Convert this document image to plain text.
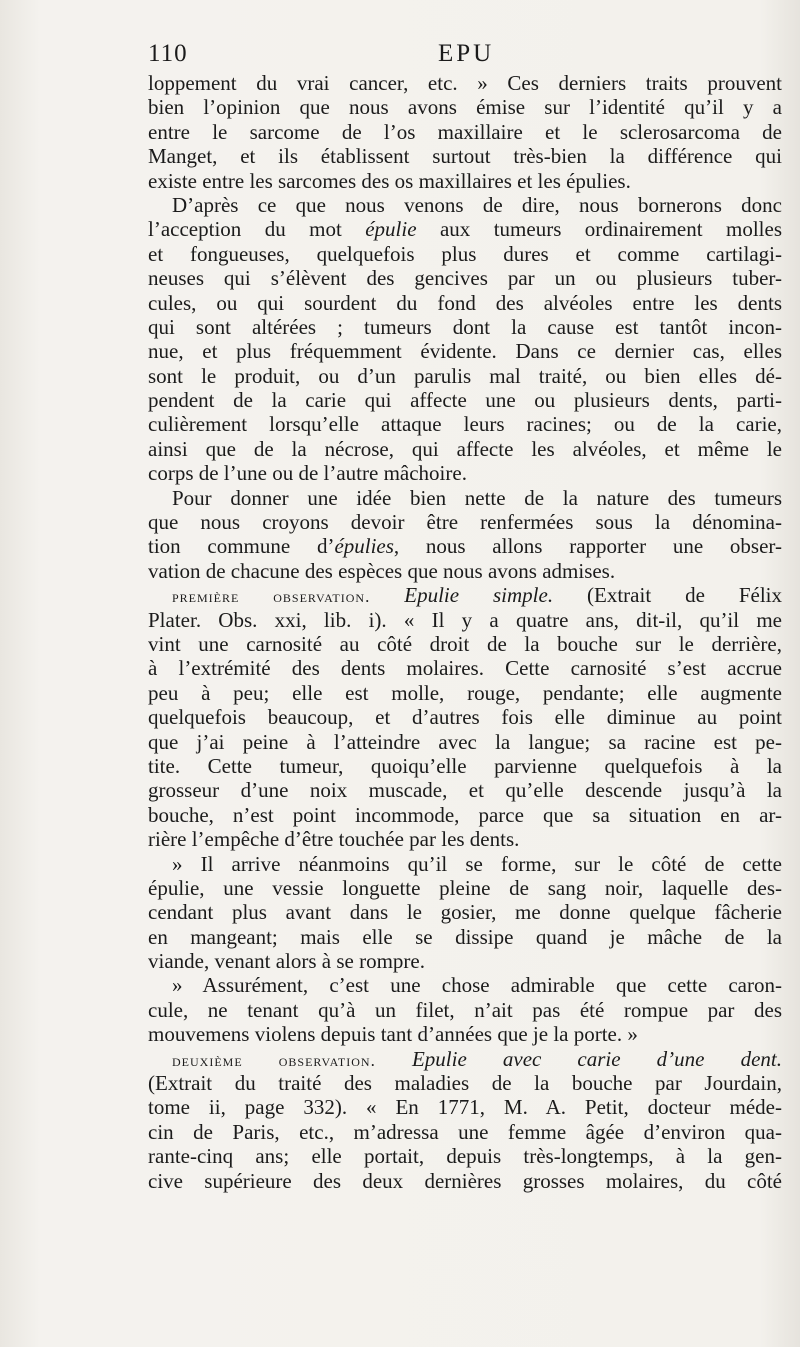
110	EPU
loppement du vrai cancer, etc. » Ces derniers traits prouvent
bien l’opinion que nous avons émise sur l’identité qu’il y a
entre le sarcome de l’os maxillaire et le sclerosarcoma de
Manget, et ils établissent surtout très-bien la différence qui
existe entre les sarcomes des os maxillaires et les épulies.
D’après ce que nous venons de dire, nous bornerons donc
l’acception du mot épulie aux tumeurs ordinairement molles
et fongueuses, quelquefois plus dures et comme cartilagi-
neuses qui s’élèvent des gencives par un ou plusieurs tuber-
cules, ou qui sourdent du fond des alvéoles entre les dents
qui sont altérées ; tumeurs dont la cause est tantôt incon-
nue, et plus fréquemment évidente. Dans ce dernier cas, elles
sont le produit, ou d’un parulis mal traité, ou bien elles dé-
pendent de la carie qui affecte une ou plusieurs dents, parti-
culièrement lorsqu’elle attaque leurs racines; ou de la carie,
ainsi que de la nécrose, qui affecte les alvéoles, et même le
corps de l’une ou de l’autre mâchoire.
Pour donner une idée bien nette de la nature des tumeurs
que nous croyons devoir être renfermées sous la dénomina-
tion commune d’épulies, nous allons rapporter une obser-
vation de chacune des espèces que nous avons admises.
première observation. Epulie simple. (Extrait de Félix
Plater. Obs. xxi, lib. i). « Il y a quatre ans, dit-il, qu’il me
vint une carnosité au côté droit de la bouche sur le derrière,
à l’extrémité des dents molaires. Cette carnosité s’est accrue
peu à peu; elle est molle, rouge, pendante; elle augmente
quelquefois beaucoup, et d’autres fois elle diminue au point
que j’ai peine à l’atteindre avec la langue; sa racine est pe-
tite. Cette tumeur, quoiqu’elle parvienne quelquefois à la
grosseur d’une noix muscade, et qu’elle descende jusqu’à la
bouche, n’est point incommode, parce que sa situation en ar-
rière l’empêche d’être touchée par les dents.
» Il arrive néanmoins qu’il se forme, sur le côté de cette
épulie, une vessie longuette pleine de sang noir, laquelle des-
cendant plus avant dans le gosier, me donne quelque fâcherie
en mangeant; mais elle se dissipe quand je mâche de la
viande, venant alors à se rompre.
» Assurément, c’est une chose admirable que cette caron-
cule, ne tenant qu’à un filet, n’ait pas été rompue par des
mouvemens violens depuis tant d’années que je la porte. »
deuxième observation. Epulie avec carie d’une dent.
(Extrait du traité des maladies de la bouche par Jourdain,
tome ii, page 332). « En 1771, M. A. Petit, docteur méde-
cin de Paris, etc., m’adressa une femme âgée d’environ qua-
rante-cinq ans; elle portait, depuis très-longtemps, à la gen-
cive supérieure des deux dernières grosses molaires, du côté
